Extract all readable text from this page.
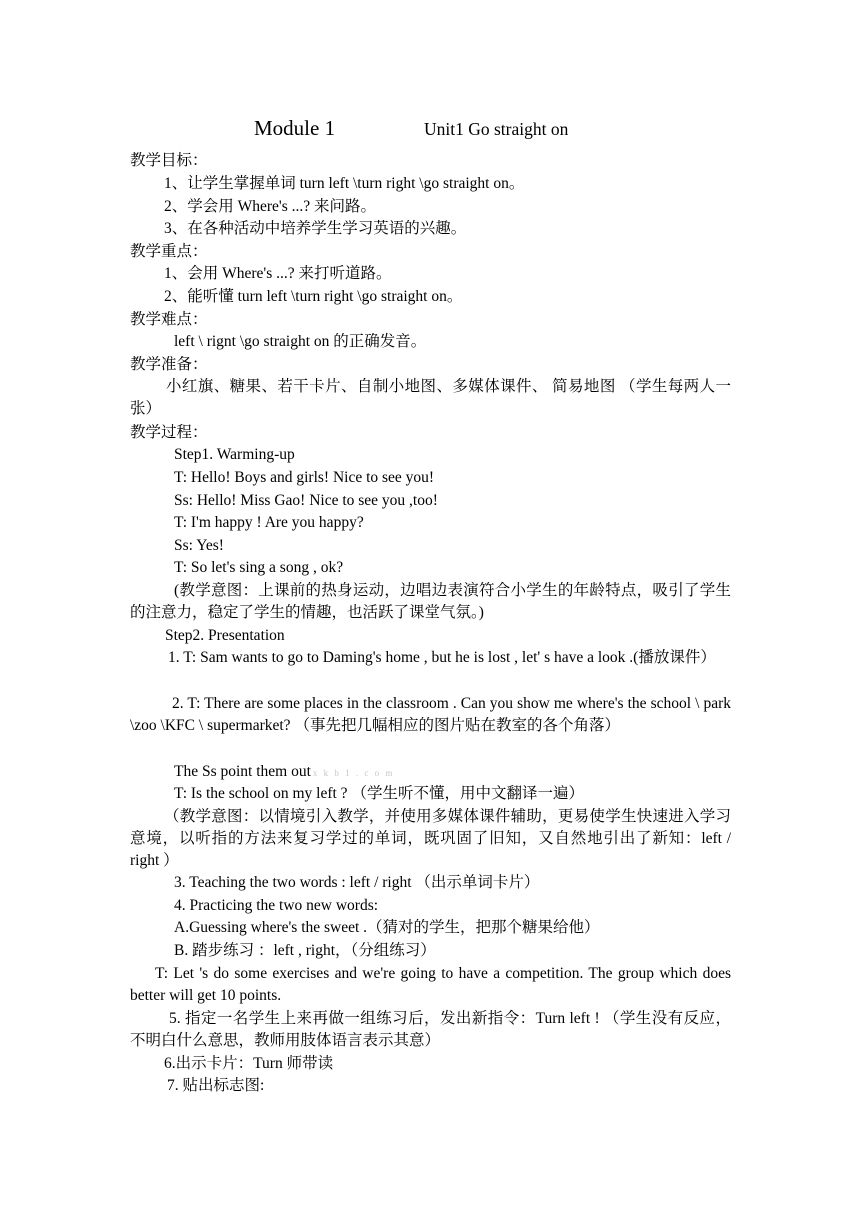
Module 1	Unit1 Go straight on
教学目标：
1、让学生掌握单词 turn left \turn right \go straight on。
2、学会用 Where's ...? 来问路。
3、在各种活动中培养学生学习英语的兴趣。
教学重点：
1、会用 Where's ...? 来打听道路。
2、能听懂 turn left \turn right \go straight on。
教学难点：
left \ rignt \go straight on 的正确发音。
教学准备：
小红旗、糖果、若干卡片、自制小地图、多媒体课件、 简易地图 （学生每两人一张）
教学过程：
Step1. Warming-up
T: Hello! Boys and girls! Nice to see you!
Ss: Hello! Miss Gao! Nice to see you ,too!
T: I'm happy ! Are you happy?
Ss: Yes!
T: So let's sing a song , ok?
(教学意图：上课前的热身运动，边唱边表演符合小学生的年龄特点，吸引了学生的注意力，稳定了学生的情趣，也活跃了课堂气氛。)
Step2. Presentation
1. T: Sam wants to go to Daming's home , but he is lost , let' s have a look .(播放课件）
2. T: There are some places in the classroom . Can you show me where's the school \ park \zoo \KFC \ supermarket? （事先把几幅相应的图片贴在教室的各个角落）
The Ss point them out x k b 1 . c o m
T: Is the school on my left ? （学生听不懂，用中文翻译一遍）
（教学意图：以情境引入教学，并使用多媒体课件辅助，更易使学生快速进入学习意境，以听指的方法来复习学过的单词，既巩固了旧知，又自然地引出了新知：left / right ）
3. Teaching the two words : left / right （出示单词卡片）
4. Practicing the two new words:
A.Guessing where's the sweet .（猜对的学生，把那个糖果给他）
B. 踏步练习 ：left , right，（分组练习）
T: Let 's do some exercises and we're going to have a competition. The group which does better will get 10 points.
5. 指定一名学生上来再做一组练习后，发出新指令：Turn left ! （学生没有反应，不明白什么意思，教师用肢体语言表示其意）
6.出示卡片：Turn 师带读
7. 贴出标志图:
